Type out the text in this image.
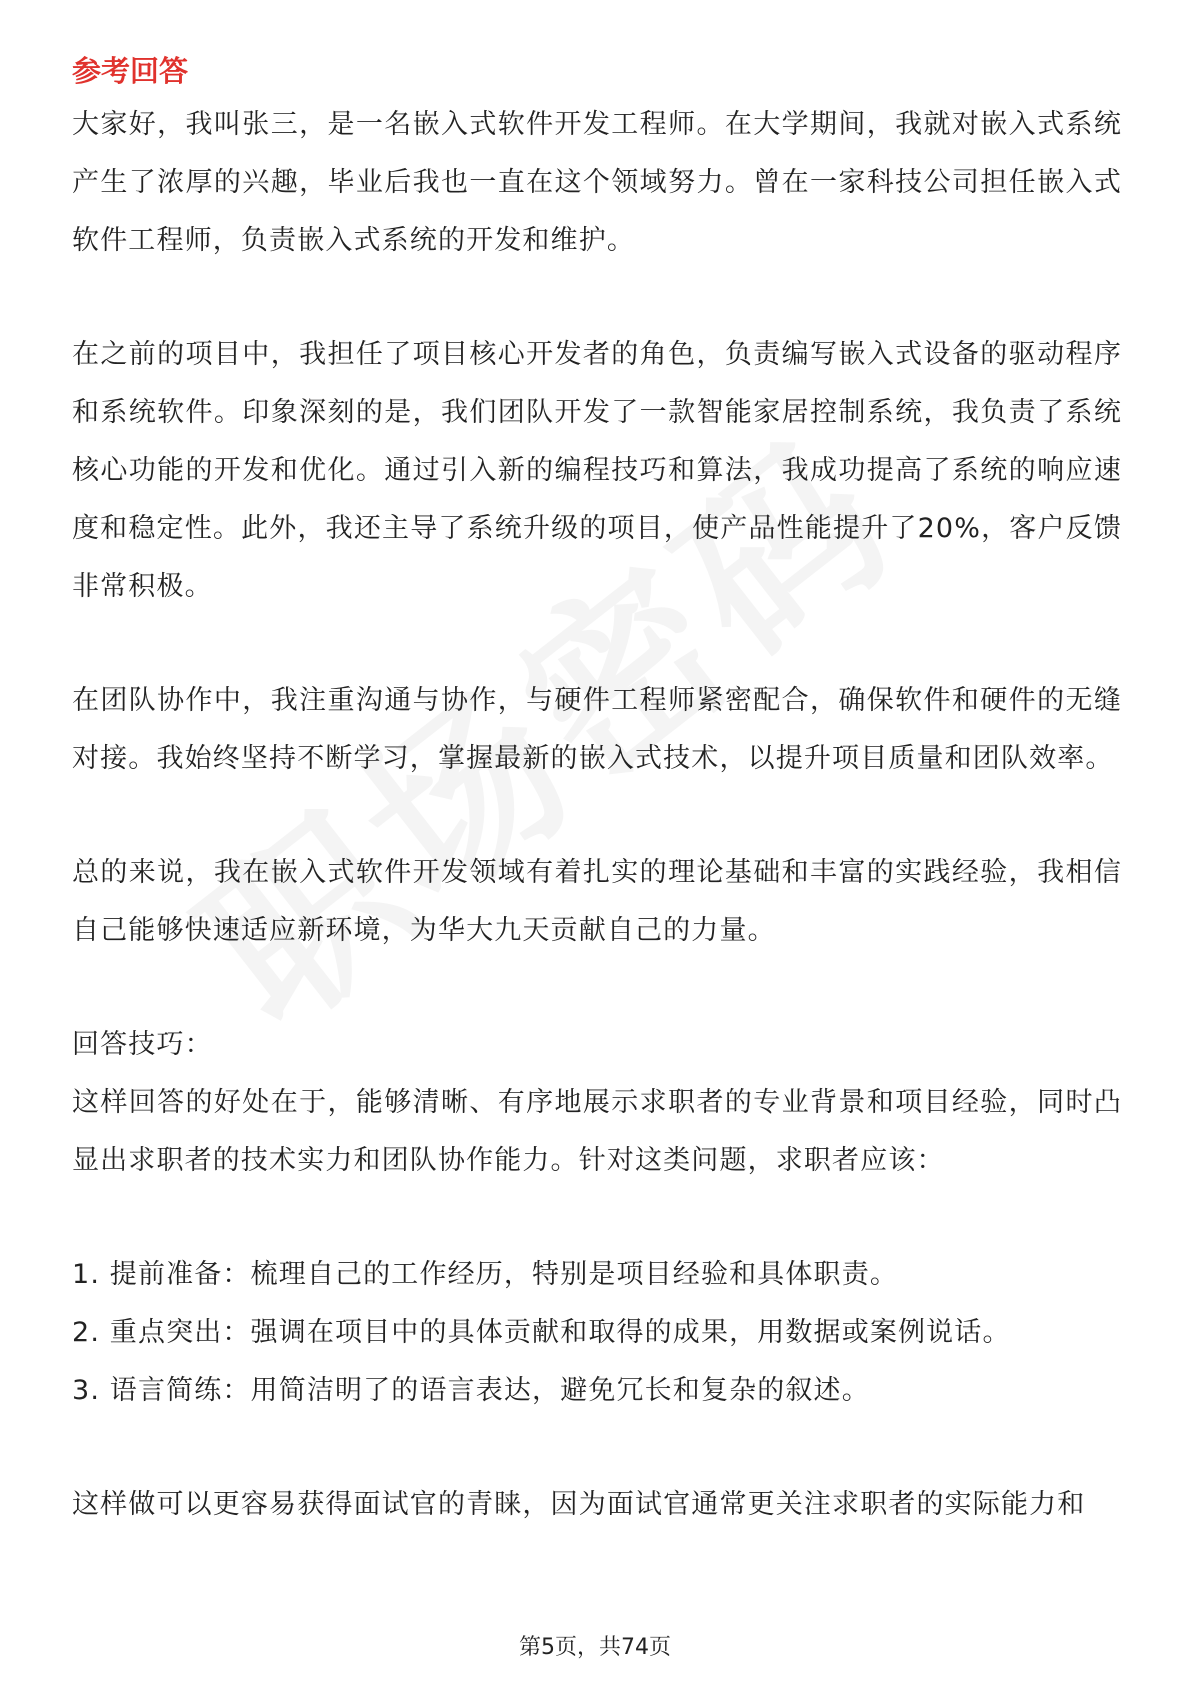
参考回答

大家好，我叫张三，是一名嵌入式软件开发工程师。在大学期间，我就对嵌入式系统产生了浓厚的兴趣，毕业后我也一直在这个领域努力。曾在一家科技公司担任嵌入式软件工程师，负责嵌入式系统的开发和维护。

在之前的项目中，我担任了项目核心开发者的角色，负责编写嵌入式设备的驱动程序和系统软件。印象深刻的是，我们团队开发了一款智能家居控制系统，我负责了系统核心功能的开发和优化。通过引入新的编程技巧和算法，我成功提高了系统的响应速度和稳定性。此外，我还主导了系统升级的项目，使产品性能提升了20%，客户反馈非常积极。

在团队协作中，我注重沟通与协作，与硬件工程师紧密配合，确保软件和硬件的无缝对接。我始终坚持不断学习，掌握最新的嵌入式技术，以提升项目质量和团队效率。

总的来说，我在嵌入式软件开发领域有着扎实的理论基础和丰富的实践经验，我相信自己能够快速适应新环境，为华大九天贡献自己的力量。

回答技巧：

这样回答的好处在于，能够清晰、有序地展示求职者的专业背景和项目经验，同时凸显出求职者的技术实力和团队协作能力。针对这类问题，求职者应该：

1. 提前准备：梳理自己的工作经历，特别是项目经验和具体职责。
2. 重点突出：强调在项目中的具体贡献和取得的成果，用数据或案例说话。
3. 语言简练：用简洁明了的语言表达，避免冗长和复杂的叙述。

这样做可以更容易获得面试官的青睐，因为面试官通常更关注求职者的实际能力和

第5页，共74页
